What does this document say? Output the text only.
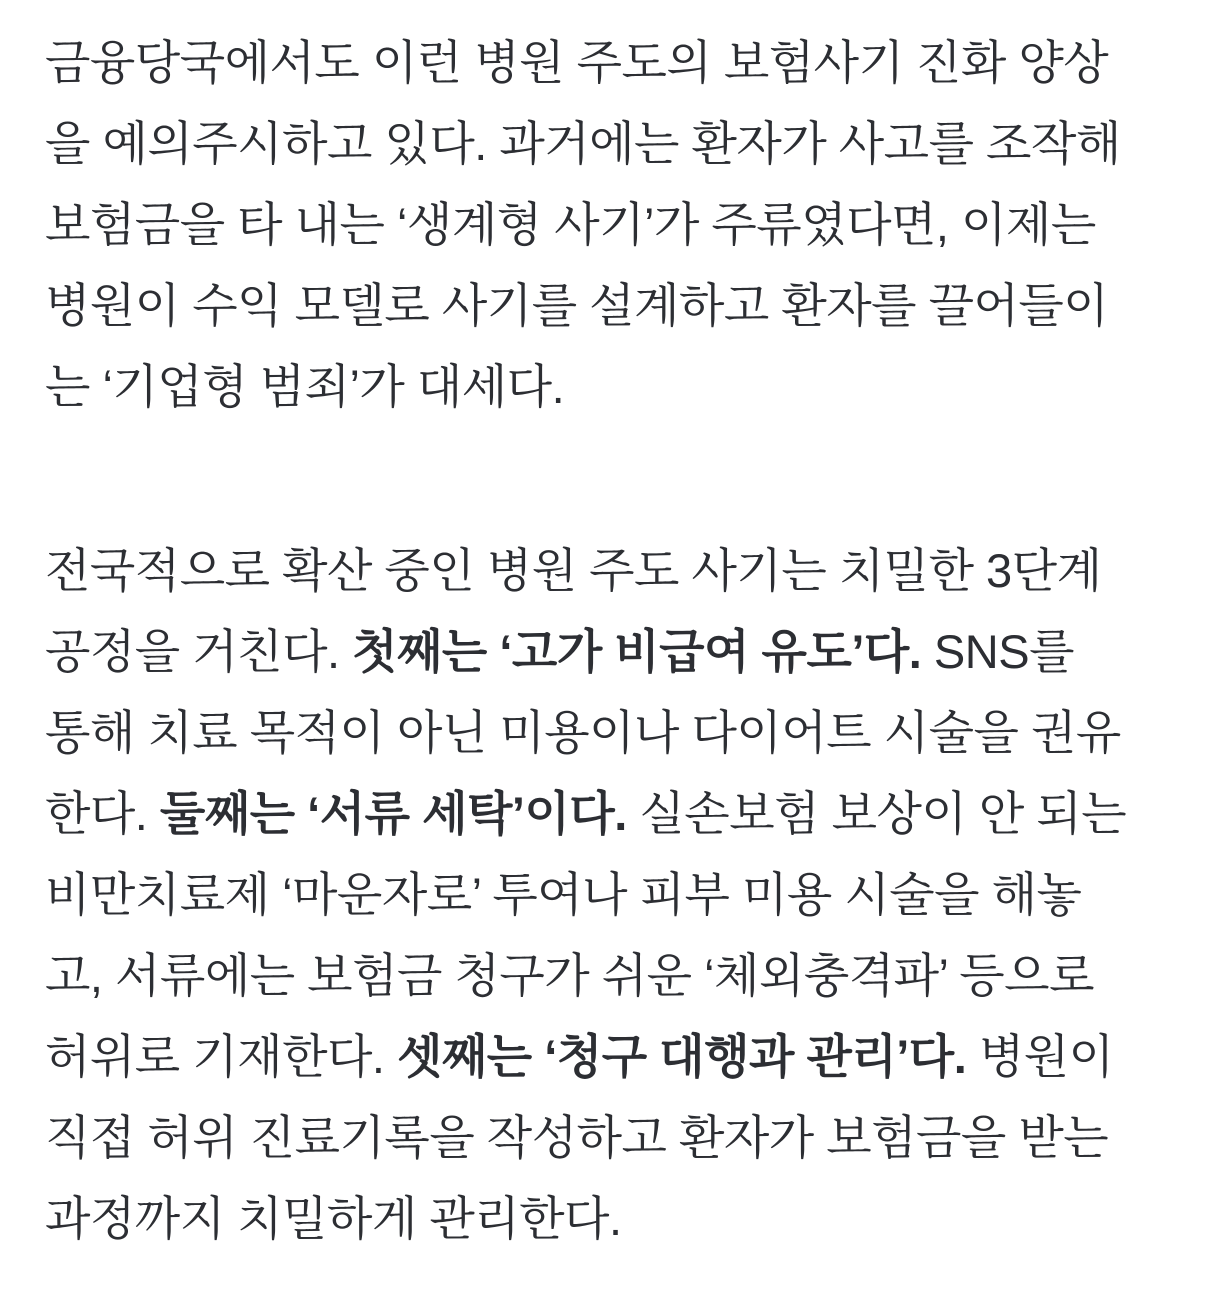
금융당국에서도 이런 병원 주도의 보험사기 진화 양상
을 예의주시하고 있다. 과거에는 환자가 사고를 조작해
보험금을 타 내는 ‘생계형 사기’가 주류였다면, 이제는
병원이 수익 모델로 사기를 설계하고 환자를 끌어들이
는 ‘기업형 범죄’가 대세다.
전국적으로 확산 중인 병원 주도 사기는 치밀한 3단계
공정을 거친다. 첫째는 ‘고가 비급여 유도’다. SNS를
통해 치료 목적이 아닌 미용이나 다이어트 시술을 권유
한다. 둘째는 ‘서류 세탁’이다. 실손보험 보상이 안 되는
비만치료제 ‘마운자로’ 투여나 피부 미용 시술을 해놓
고, 서류에는 보험금 청구가 쉬운 ‘체외충격파’ 등으로
허위로 기재한다. 셋째는 ‘청구 대행과 관리’다. 병원이
직접 허위 진료기록을 작성하고 환자가 보험금을 받는
과정까지 치밀하게 관리한다.
